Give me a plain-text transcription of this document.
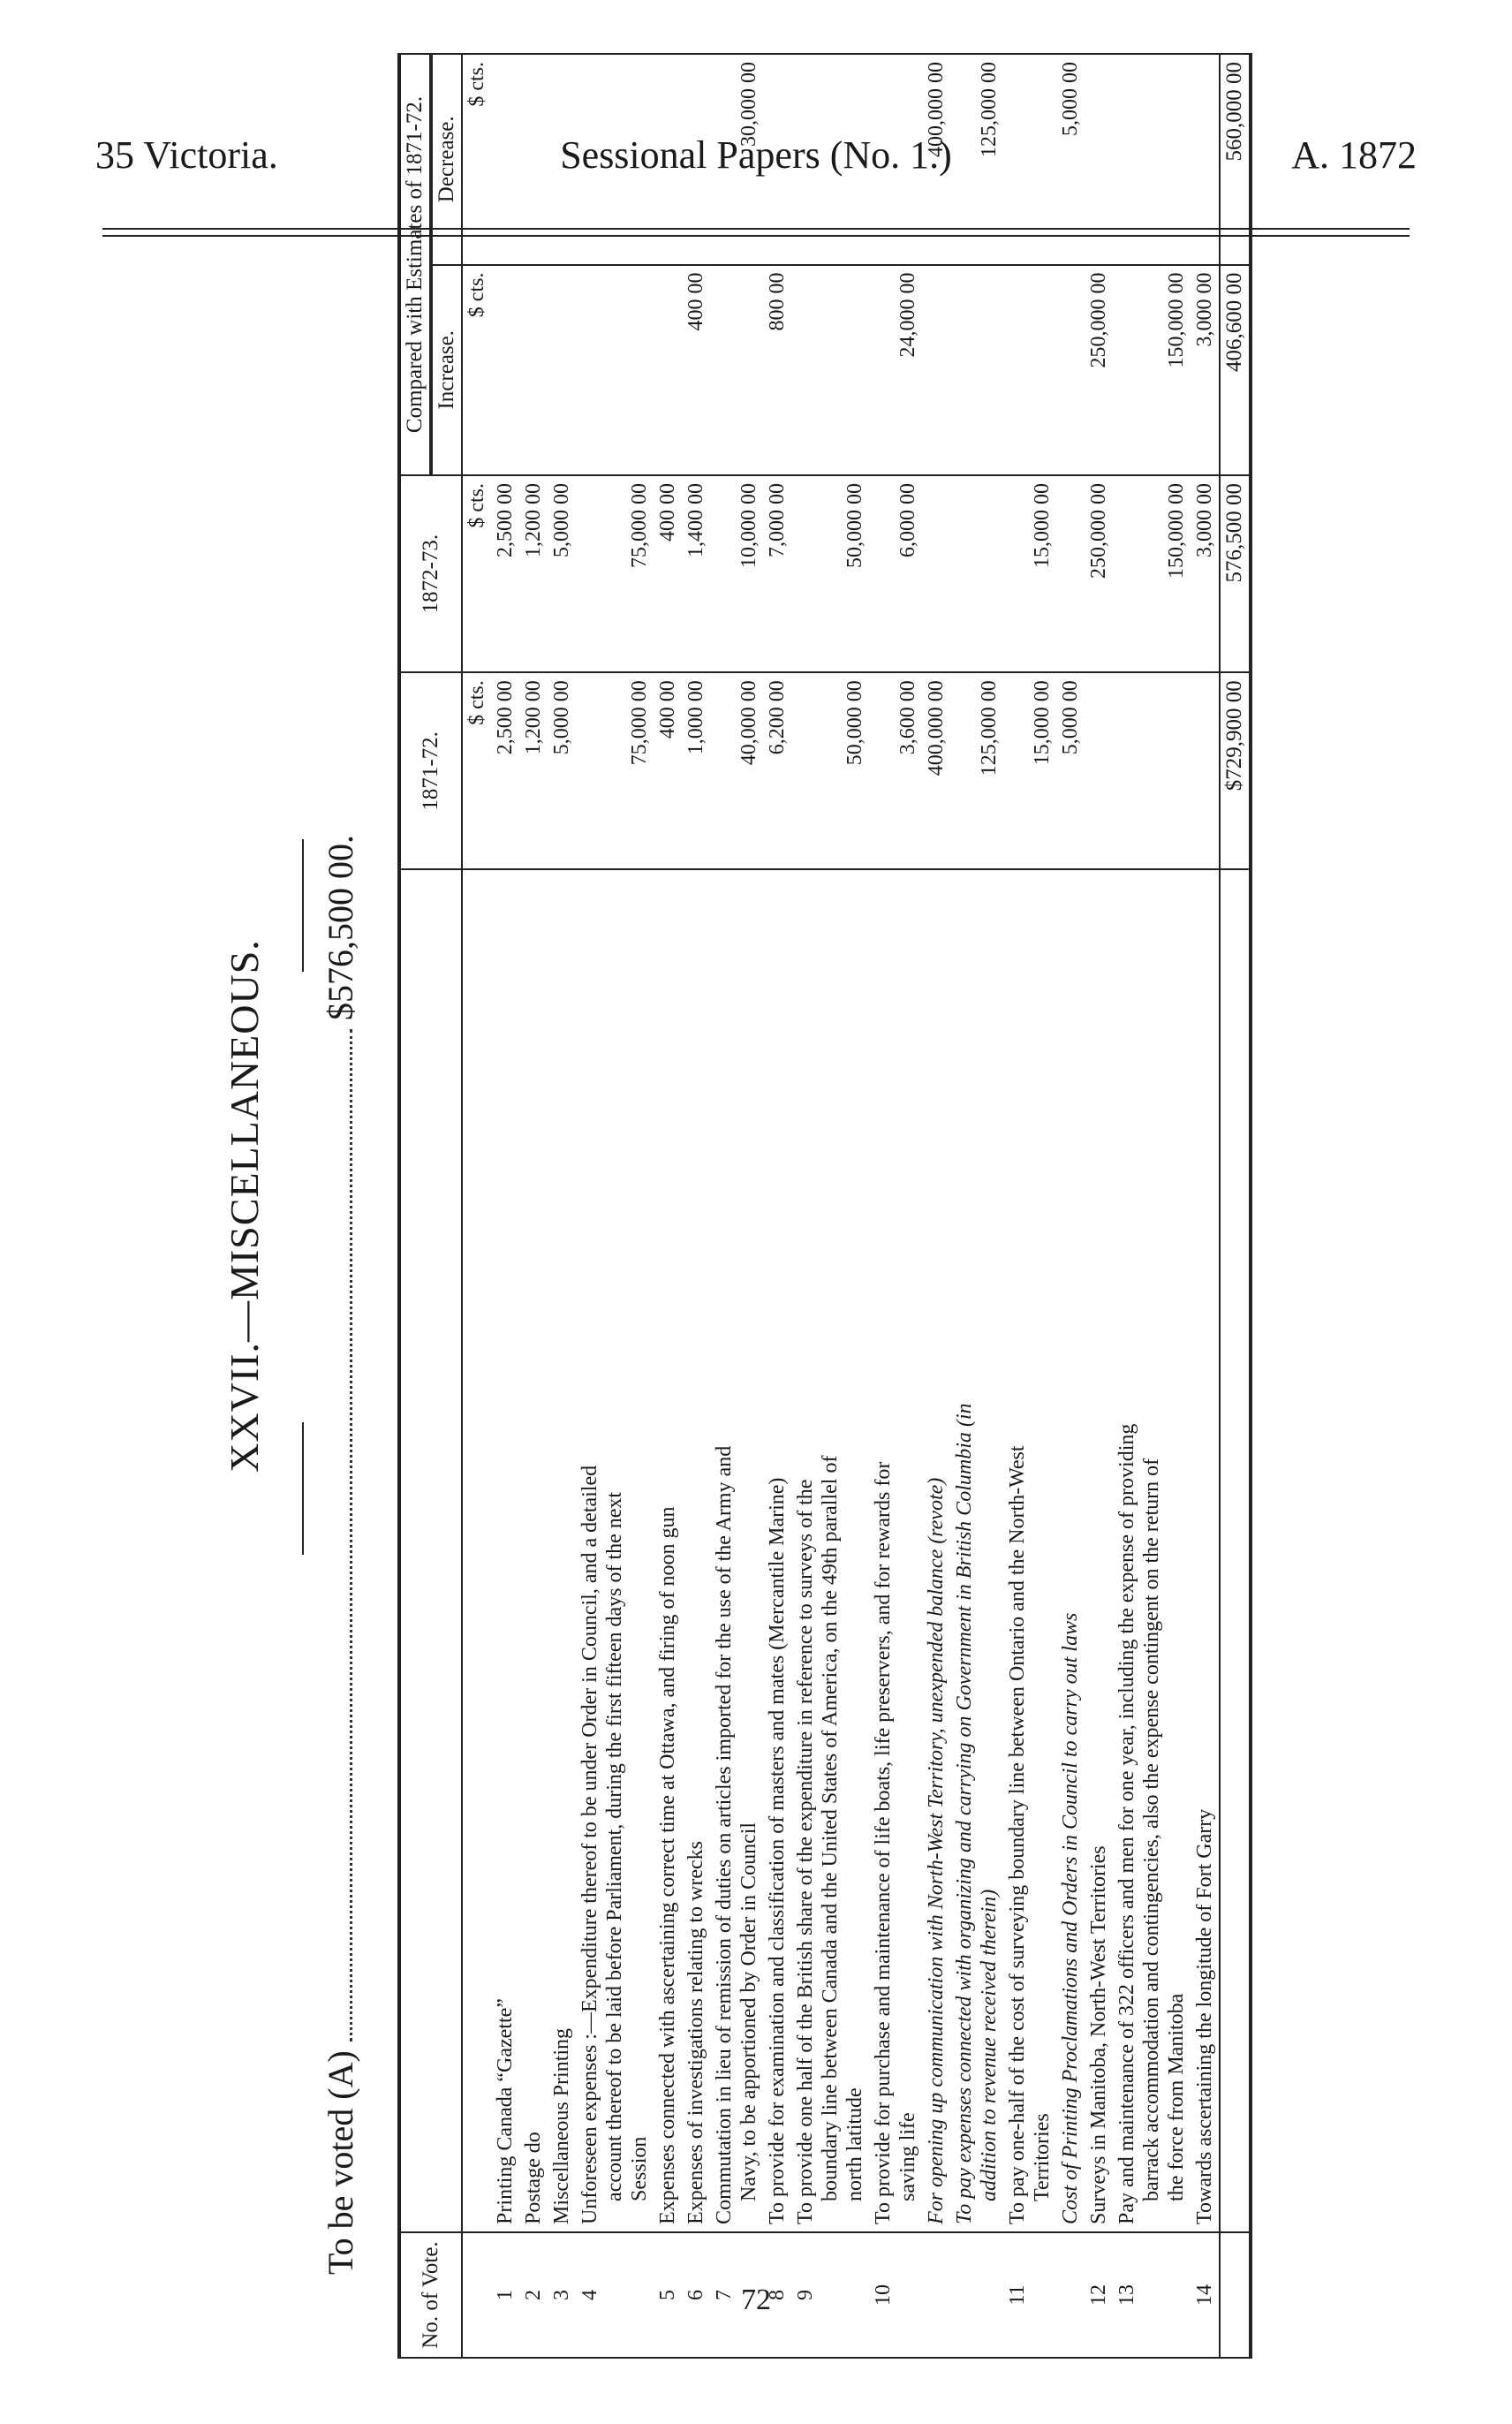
35 Victoria.	Sessional Papers (No. 1.)	A. 1872
XXVII.—MISCELLANEOUS.
To be voted (A)
$576,500 00.
No. of Vote.		1871-72.	1872-73.	Compared with Estimates of 1871-72.	
				Increase.	Decrease.
		$ cts.	$ cts.	$ cts.	$ cts.
1	Printing Canada “Gazette”	2,500 00	2,500 00		
2	Postage do	1,200 00	1,200 00		
3	Miscellaneous Printing	5,000 00	5,000 00		
4	Unforeseen expenses :—Expenditure thereof to be under Order in Council, and a detailed account thereof to be laid before Parliament, during the first fifteen days of the next Session	75,000 00	75,000 00		
5	Expenses connected with ascertaining correct time at Ottawa, and firing of noon gun	400 00	400 00		
6	Expenses of investigations relating to wrecks	1,000 00	1,400 00	400 00	
7	Commutation in lieu of remission of duties on articles imported for the use of the Army and Navy, to be apportioned by Order in Council	40,000 00	10,000 00		30,000 00
8	To provide for examination and classification of masters and mates (Mercantile Marine)	6,200 00	7,000 00	800 00	
9	To provide one half of the British share of the expenditure in reference to surveys of the boundary line between Canada and the United States of America, on the 49th parallel of north latitude	50,000 00	50,000 00		
10	To provide for purchase and maintenance of life boats, life preservers, and for rewards for saving life	3,600 00	6,000 00	24,000 00	

	For opening up communication with North-West Territory, unexpended balance (revote)	400,000 00			400,000 00

	To pay expenses connected with organizing and carrying on Government in British Columbia (in addition to revenue received therein)	125,000 00			125,000 00
11	To pay one-half of the cost of surveying boundary line between Ontario and the North-West Territories	15,000 00	15,000 00		

	Cost of Printing Proclamations and Orders in Council to carry out laws	5,000 00			5,000 00
12	Surveys in Manitoba, North-West Territories		250,000 00	250,000 00	
13	Pay and maintenance of 322 officers and men for one year, including the expense of providing barrack accommodation and contingencies, also the expense contingent on the return of the force from Manitoba		150,000 00	150,000 00	
14	Towards ascertaining the longitude of Fort Garry		3,000 00	3,000 00	
		$729,900 00	576,500 00	406,600 00	560,000 00
72
